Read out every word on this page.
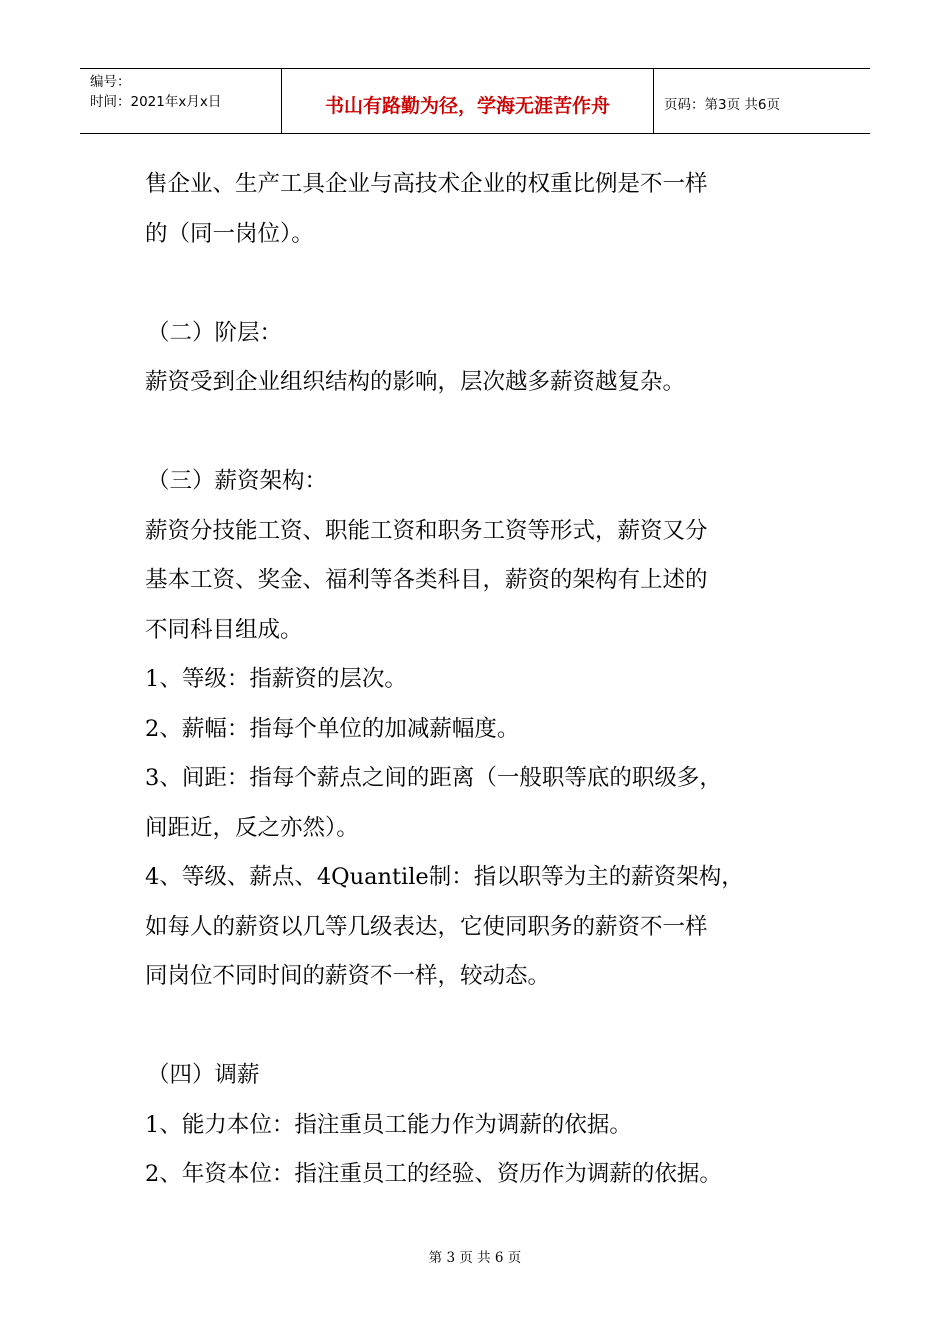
编号：
时间：2021年x月x日	书山有路勤为径，学海无涯苦作舟	页码：第3页 共6页

售企业、生产工具企业与高技术企业的权重比例是不一样

的（同一岗位）。

（二）阶层：

薪资受到企业组织结构的影响，层次越多薪资越复杂。

（三）薪资架构：

薪资分技能工资、职能工资和职务工资等形式，薪资又分

基本工资、奖金、福利等各类科目，薪资的架构有上述的

不同科目组成。

1、等级：指薪资的层次。

2、薪幅：指每个单位的加减薪幅度。

3、间距：指每个薪点之间的距离（一般职等底的职级多，

间距近，反之亦然）。

4、等级、薪点、4Quantile制：指以职等为主的薪资架构，

如每人的薪资以几等几级表达，它使同职务的薪资不一样

同岗位不同时间的薪资不一样，较动态。

（四）调薪

1、能力本位：指注重员工能力作为调薪的依据。

2、年资本位：指注重员工的经验、资历作为调薪的依据。

第 3 页 共 6 页
